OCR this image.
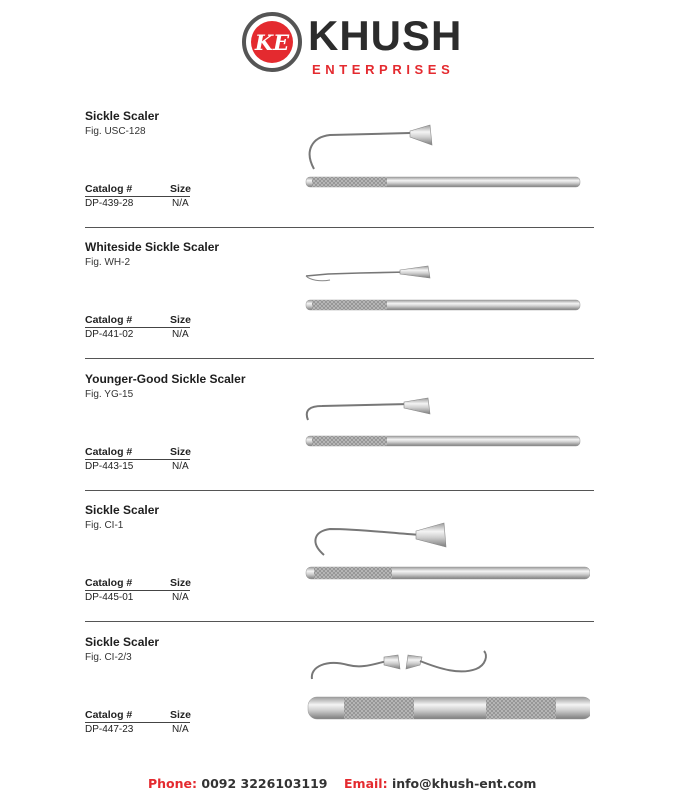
KE KHUSH
ENTERPRISES
Sickle Scaler
Fig. USC-128
Catalog #	Size
DP-439-28	N/A
Whiteside Sickle Scaler
Fig. WH-2
Catalog #	Size
DP-441-02	N/A
Younger-Good Sickle Scaler
Fig. YG-15
Catalog #	Size
DP-443-15	N/A
Sickle Scaler
Fig. CI-1
Catalog #	Size
DP-445-01	N/A
Sickle Scaler
Fig. CI-2/3
Catalog #	Size
DP-447-23	N/A
Phone: 0092 3226103119 Email: info@khush-ent.com
